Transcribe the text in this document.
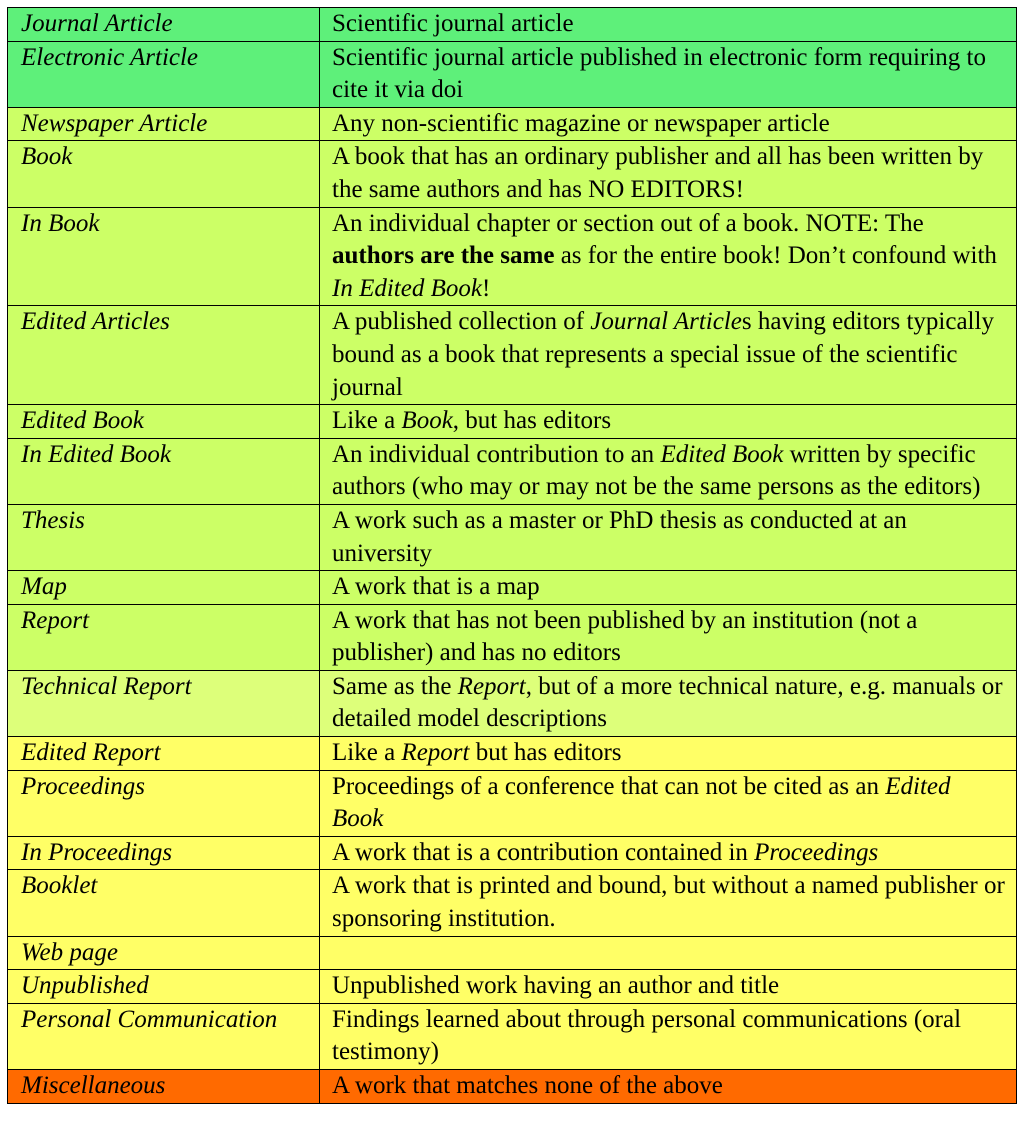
Journal Article	Scientific journal article
Electronic Article	Scientific journal article published in electronic form requiring to cite it via doi
Newspaper Article	Any non-scientific magazine or newspaper article
Book	A book that has an ordinary publisher and all has been written by the same authors and has NO EDITORS!
In Book	An individual chapter or section out of a book. NOTE: The authors are the same as for the entire book! Don’t confound with In Edited Book!
Edited Articles	A published collection of Journal Articles having editors typically bound as a book that represents a special issue of the scientific journal
Edited Book	Like a Book, but has editors
In Edited Book	An individual contribution to an Edited Book written by specific authors (who may or may not be the same persons as the editors)
Thesis	A work such as a master or PhD thesis as conducted at an university
Map	A work that is a map
Report	A work that has not been published by an institution (not a publisher) and has no editors
Technical Report	Same as the Report, but of a more technical nature, e.g. manuals or detailed model descriptions
Edited Report	Like a Report but has editors
Proceedings	Proceedings of a conference that can not be cited as an Edited Book
In Proceedings	A work that is a contribution contained in Proceedings
Booklet	A work that is printed and bound, but without a named publisher or sponsoring institution.
Web page	
Unpublished	Unpublished work having an author and title
Personal Communication	Findings learned about through personal communications (oral testimony)
Miscellaneous	A work that matches none of the above
